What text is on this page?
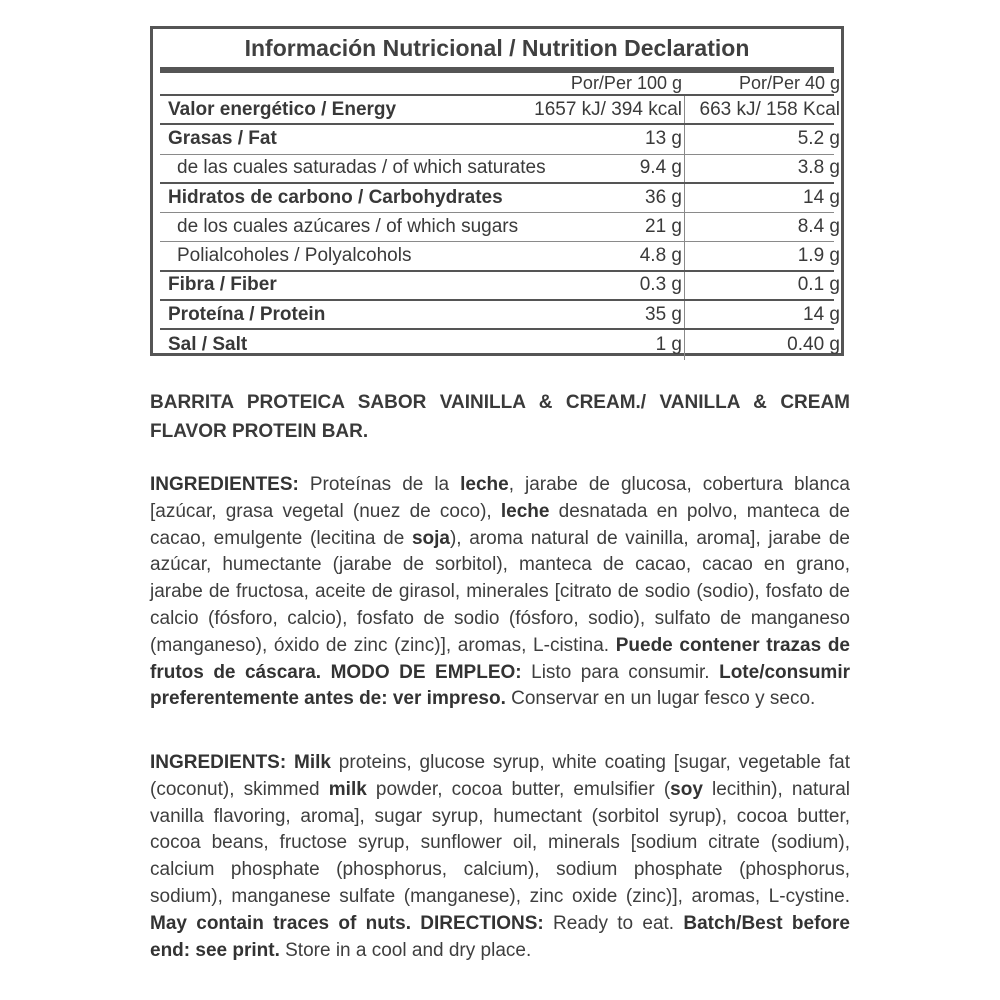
Información Nutricional / Nutrition Declaration
Por/Per 100 g	Por/Per 40 g
Valor energético / Energy	1657 kJ/ 394 kcal 663 kJ/ 158 Kcal
Grasas / Fat	13 g	5.2 g
de las cuales saturadas / of which saturates	9.4 g	3.8 g
Hidratos de carbono / Carbohydrates	36 g	14 g
de los cuales azúcares / of which sugars	21 g	8.4 g
Polialcoholes / Polyalcohols	4.8 g	1.9 g
Fibra / Fiber	0.3 g	0.1 g
Proteína / Protein	35 g	14 g
Sal / Salt	1 g	0.40 g
BARRITA PROTEICA SABOR VAINILLA & CREAM./ VANILLA & CREAM FLAVOR PROTEIN BAR.
INGREDIENTES: Proteínas de la leche, jarabe de glucosa, cobertura blanca [azúcar, grasa vegetal (nuez de coco), leche desnatada en polvo, manteca de cacao, emulgente (lecitina de soja), aroma natural de vainilla, aroma], jarabe de azúcar, humectante (jarabe de sorbitol), manteca de cacao, cacao en grano, jarabe de fructosa, aceite de girasol, minerales [citrato de sodio (sodio), fosfato de calcio (fósforo, calcio), fosfato de sodio (fósforo, sodio), sulfato de manganeso (manganeso), óxido de zinc (zinc)], aromas, L-cistina. Puede contener trazas de frutos de cáscara. MODO DE EMPLEO: Listo para consumir. Lote/consumir preferentemente antes de: ver impreso. Conservar en un lugar fesco y seco.
INGREDIENTS: Milk proteins, glucose syrup, white coating [sugar, vegetable fat (coconut), skimmed milk powder, cocoa butter, emulsifier (soy lecithin), natural vanilla flavoring, aroma], sugar syrup, humectant (sorbitol syrup), cocoa butter, cocoa beans, fructose syrup, sunflower oil, minerals [sodium citrate (sodium), calcium phosphate (phosphorus, calcium), sodium phosphate (phosphorus, sodium), manganese sulfate (manganese), zinc oxide (zinc)], aromas, L-cystine. May contain traces of nuts. DIRECTIONS: Ready to eat. Batch/Best before end: see print. Store in a cool and dry place.
